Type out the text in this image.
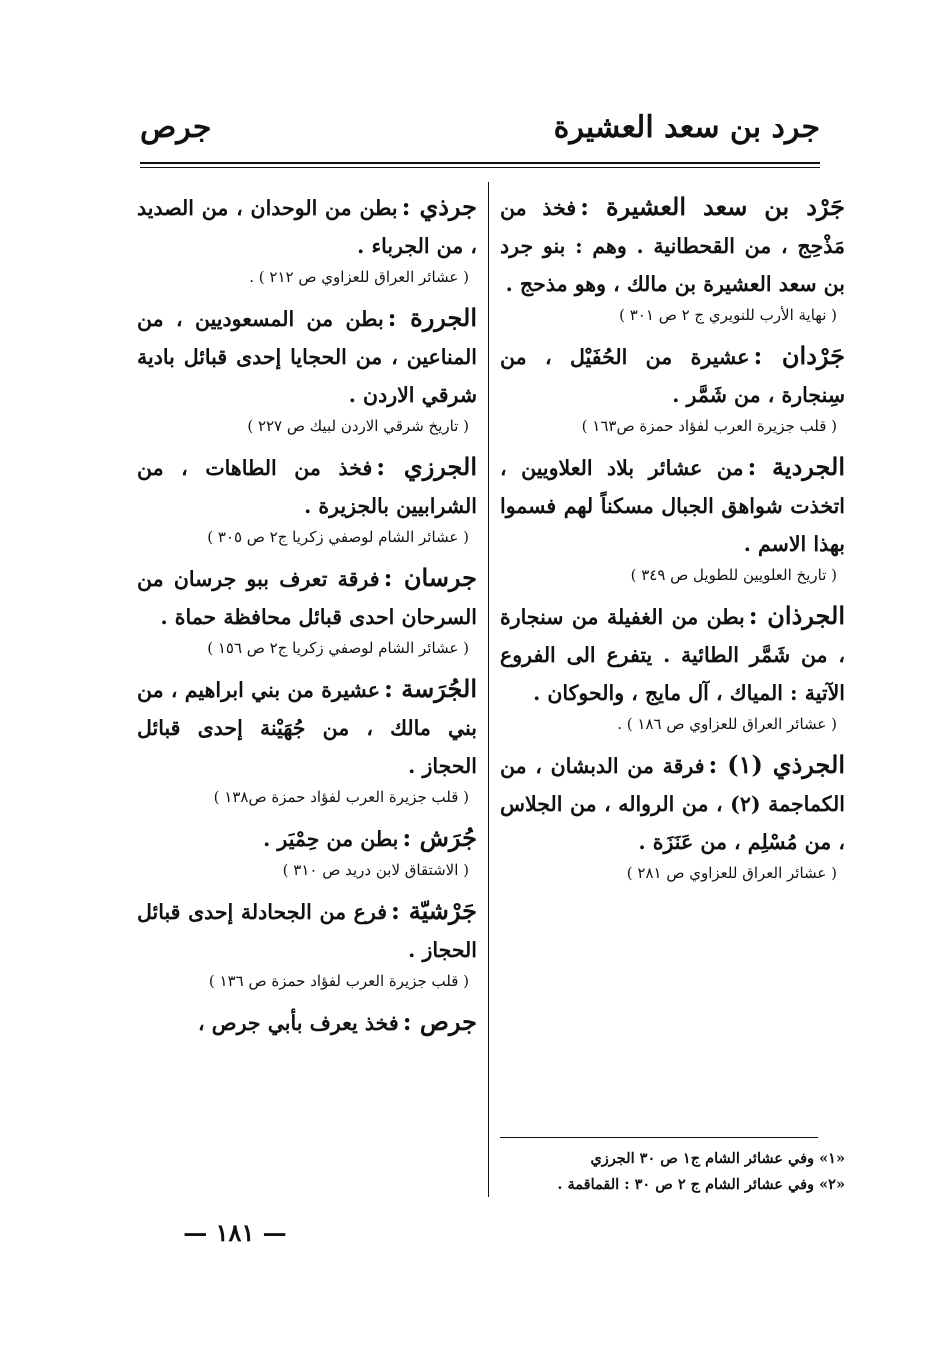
جرد بن سعد العشيرة
جرص
جَرْد بن سعد العشيرة :فخذ من مَذْحِج ، من القحطانية . وهم : بنو جرد بن سعد العشيرة بن مالك ، وهو مذحج .
( نهاية الأرب للنويري ج ٢ ص ٣٠١ )
جَرْدان :عشيرة من الحُفَيْل ، من سِنجارة ، من شَمَّر .
( قلب جزيرة العرب لفؤاد حمزة ص١٦٣ )
الجردية :من عشائر بلاد العلاويين ، اتخذت شواهق الجبال مسكناً لهم فسموا بهذا الاسم .
( تاريخ العلويين للطويل ص ٣٤٩ )
الجرذان :بطن من الغفيلة من سنجارة ، من شَمَّر الطائية . يتفرع الى الفروع الآتية : المياك ، آل مايج ، والحوكان .
( عشائر العراق للعزاوي ص ١٨٦ ) .
الجرذي (١) :فرقة من الدبشان ، من الكماجمة (٢) ، من الرواله ، من الجلاس ، من مُسْلِم ، من عَنَزَة .
( عشائر العراق للعزاوي ص ٢٨١ )
جرذي :بطن من الوحدان ، من الصديد ، من الجرباء .
( عشائر العراق للعزاوي ص ٢١٢ ) .
الجررة :بطن من المسعوديين ، من المناعين ، من الحجايا إحدى قبائل بادية شرقي الاردن .
( تاريخ شرقي الاردن لبيك ص ٢٢٧ )
الجرزي :فخذ من الطاهات ، من الشرابيين بالجزيرة .
( عشائر الشام لوصفي زكريا ج٢ ص ٣٠٥ )
جرسان :فرقة تعرف ببو جرسان من السرحان احدى قبائل محافظة حماة .
( عشائر الشام لوصفي زكريا ج٢ ص ١٥٦ )
الجُرَسة :عشيرة من بني ابراهيم ، من بني مالك ، من جُهَيْنة إحدى قبائل الحجاز .
( قلب جزيرة العرب لفؤاد حمزة ص١٣٨ )
جُرَش :بطن من حِمْيَر .
( الاشتقاق لابن دريد ص ٣١٠ )
جَرْشيّة :فرع من الجحادلة إحدى قبائل الحجاز .
( قلب جزيرة العرب لفؤاد حمزة ص ١٣٦ )
جرص :فخذ يعرف بأبي جرص ،
«١» وفي عشائر الشام ج١ ص ٣٠ الجرزي
«٢» وفي عشائر الشام ج ٢ ص ٣٠ : القماقمة .
— ١٨١ —
